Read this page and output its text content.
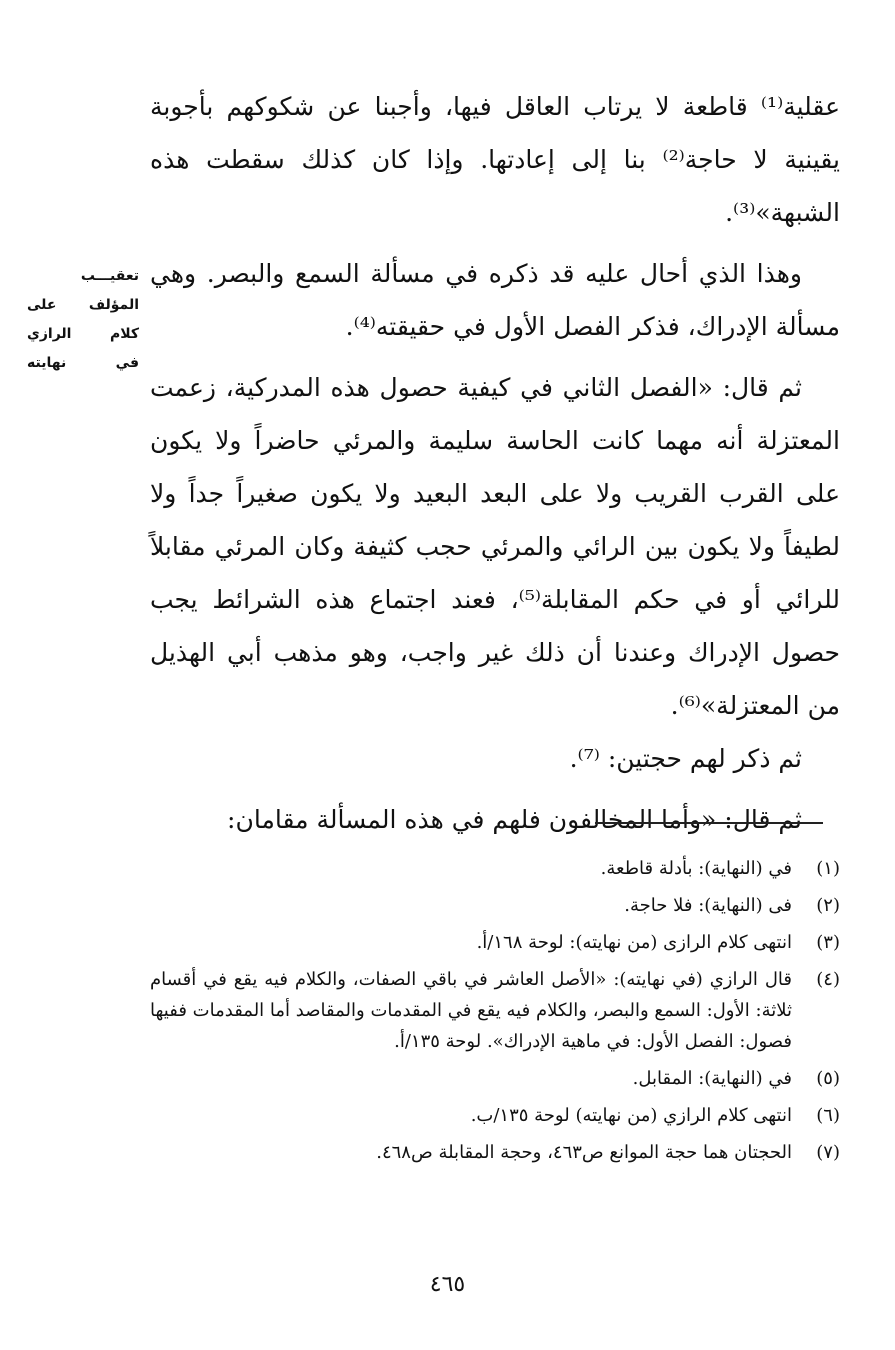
تعقيـــب
المؤلف على
كلام الرازي
في نهايته

عقلية⁽¹⁾ قاطعة لا يرتاب العاقل فيها، وأجبنا عن شكوكهم بأجوبة يقينية لا حاجة⁽²⁾ بنا إلى إعادتها. وإذا كان كذلك سقطت هذه الشبهة»⁽³⁾.

وهذا الذي أحال عليه قد ذكره في مسألة السمع والبصر. وهي مسألة الإدراك، فذكر الفصل الأول في حقيقته⁽⁴⁾.

ثم قال: «الفصل الثاني في كيفية حصول هذه المدركية، زعمت المعتزلة أنه مهما كانت الحاسة سليمة والمرئي حاضراً ولا يكون على القرب القريب ولا على البعد البعيد ولا يكون صغيراً جداً ولا لطيفاً ولا يكون بين الرائي والمرئي حجب كثيفة وكان المرئي مقابلاً للرائي أو في حكم المقابلة⁽⁵⁾، فعند اجتماع هذه الشرائط يجب حصول الإدراك وعندنا أن ذلك غير واجب، وهو مذهب أبي الهذيل من المعتزلة»⁽⁶⁾.

ثم ذكر لهم حجتين: ⁽⁷⁾.

ثم قال: «وأما المخالفون فلهم في هذه المسألة مقامان:

(١)
في (النهاية): بأدلة قاطعة.
(٢)
فى (النهاية): فلا حاجة.
(٣)
انتهى كلام الرازى (من نهايته): لوحة ١٦٨/أ.
(٤)
قال الرازي (في نهايته): «الأصل العاشر في باقي الصفات، والكلام فيه يقع في أقسام ثلاثة: الأول: السمع والبصر، والكلام فيه يقع في المقدمات والمقاصد أما المقدمات ففيها فصول: الفصل الأول: في ماهية الإدراك». لوحة ١٣٥/أ.
(٥)
في (النهاية): المقابل.
(٦)
انتهى كلام الرازي (من نهايته) لوحة ١٣٥/ب.
(٧)
الحجتان هما حجة الموانع ص٤٦٣، وحجة المقابلة ص٤٦٨.
٤٦٥
